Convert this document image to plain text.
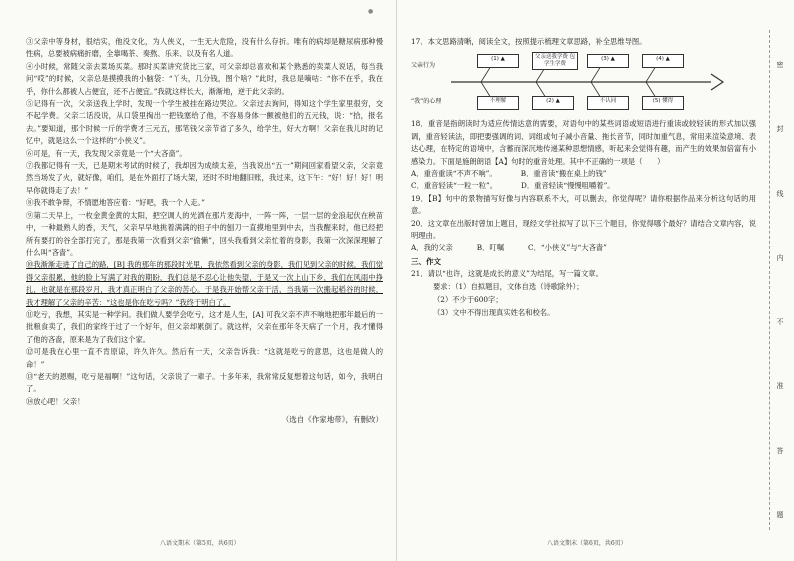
●

③父亲中等身材，很结实，他没文化，为人侠义，一生无大危险，没有什么存折。唯有的病却是糖尿病那种慢性病，总要被病痛折磨，全靠喝茶、奏熬、乐来、以及有名人道。

④小时候，常随父亲去菜场买菜。那时买菜讲究货比三家，可父亲却总喜欢和某个熟悉的卖菜人说话，每当我问“哎”的时候，父亲总是摸摸我的小脑袋：“丫头，几分钱，图个啥？”此时，我总是嘀咕：“你不在乎，我在乎，你什么都被人占便宜，还不占便宜。”我就这样长大，渐渐地，逆于此父亲的。

⑤记得有一次，父亲送我上学时，发现一个学生被挂在路边哭泣。父亲过去询问，得知这个学生家里很穷，交不起学费。父亲二话没说，从口袋里掏出一把钱塞给了他，不容易身体一颤被他们的五元钱，说：“拾，报名去。”要知道，那个时候一斤的学费才三元五，那笔钱父亲节省了多久，给学生，好大方啊！父亲在我儿时的记忆中，就是这么一个这样的“小侠义”。

⑥可是，有一天，我发现父亲竟是一个“大吝啬”。

⑦我都记得有一天，已是期末考试的时候了，我却因为成绩太差，当我说出“五一”期间回家看望父亲，父亲竟然当场发了火，就好像，咱们，是在外面打了场大架，还时不时地翻旧账，我过来，这下午：“好！好！好！明早你就得走了去！”

⑧我不敢争辩，不情愿地答应着：“好吧，我一个人走。”

⑨第二天早上，一枚金黄金黄的太阳，把空调人的光洒在那片麦海中，一阵一阵，一层一层的金浪起伏在秧苗中，一种最熟人的香，天气，父亲早早地挑着满满的担子中的刨刀一直摸地里到中去，当我醒来时，他已经把所有要打的谷全部打完了，那是我第一次看到父亲“偷懒”，回头我看到父亲忙着的身影，我第一次深深理解了什么叫“吝啬”。

⑩我渐渐走进了自己的路，[B] 我的那年的那段时光里，我依然看到父亲的身影，我们见到父亲的时候，我们觉得父亲很累，他的脸上写满了对我的期盼，我们总是不忍心让他失望，于是又一次上山下乡，我们在风雨中挣扎，也就是在那段岁月，我才真正明白了父亲的苦心。于是我开始帮父亲干活，当我第一次搬起稻谷的时候，我才理解了父亲的辛苦：“这也是你在吃亏吗？”我终于明白了。

⑪吃亏，我想，其实是一种学问。我们做人要学会吃亏，这才是人生，[A] 可我父亲不声不响地把那年最后的一批粮食卖了，我们的家终于过了一个好年，但父亲却累倒了。就这样，父亲在那年冬天病了一个月，我才懂得了他的吝啬，原来是为了我们这个家。

⑫可是我在心里一直不肯原谅，许久许久。然后有一天，父亲告诉我：“这就是吃亏的意思，这也是做人的命！”

⑬“老天的恩赐，吃亏是福啊！”这句话，父亲说了一辈子。十多年来，我常常反复想着这句话，如今，我明白了。

⑭放心吧！父亲！

（选自《作家地带》，有删改）
八语文期末（第5页，共6页）

17．本文思路清晰，阅读全文，按照提示梳理文章思路，补全思维导图。

父亲行为
“我”的心理
(1) ▲	父亲送我学费 包学生学费
(3) ▲	(4) ▲
不理解	(2) ▲	不认同	(5) 懂得

18．重音是指朗读时为适应传情达意的需要，对语句中的某些词语或短语进行重读或较轻读的形式加以强调，重音轻读法，即把要强调的词、词组或句子减小音量、拖长音节，同时加重气息，常用来渲染意境、表达心理，在特定的语境中，含蓄而深沉地传递某种思想情感，听起来会觉得有趣，而产生的效果加倍富有小感染力。下面是施朗朗语【A】句时的重音处理。其中不正确的一项是（　　）

A．重音重读“不声不响”。	B．重音读“搬在桌上的钱”
C．重音轻读“一粒一粒”。	D．重音轻读“慢慢咀嚼着”。

19．【B】句中的景物描写好像与内容联系不大，可以删去，你觉得呢？请你根据作品来分析这句话的用意。

20．这文章在出版时曾加上题目，现经文学社拟写了以下三个题目，你觉得哪个最好？请结合文章内容，说明理由。

A．我的父亲	B．叮嘱	C．“小侠义”与“大吝啬”
三、作文

21．请以“也许，这就是成长的意义”为结尾，写一篇文章。

要求：（1）自拟题目，文体自选（诗歌除外）；
（2）不少于600字；
（3）文中不得出现真实姓名和校名。
八语文期末（第6页，共6页）
密
封
线
内
不
准
答
题
